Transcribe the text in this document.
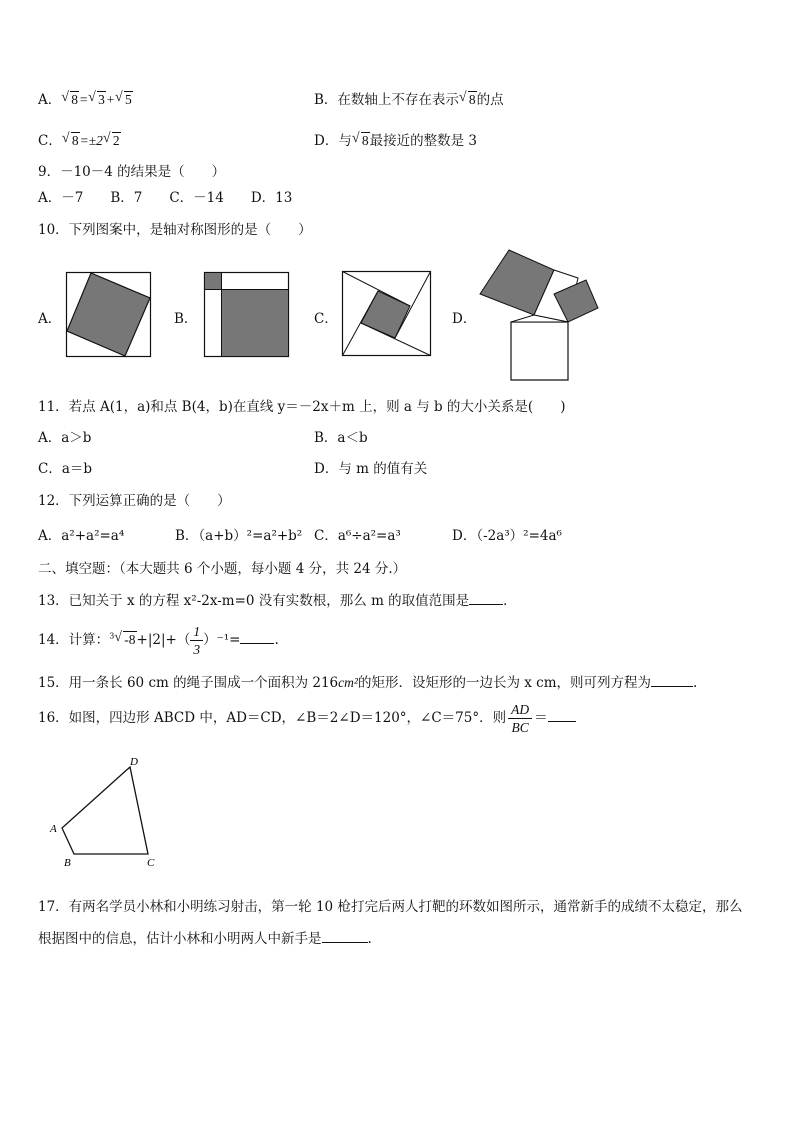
A． √ 8= √ 3+ √ 5	B．在数轴上不存在表示 √ 8的点
C． √ 8=±2 √ 2	D．与 √ 8最接近的整数是 3
9．－10－4 的结果是（　　）
A．－7　　B．7　　C．－14　　D．13
10．下列图案中，是轴对称图形的是（　　）
A．	B．	C．	D．
11．若点 A(1，a)和点 B(4，b)在直线 y＝－2x＋m 上，则 a 与 b 的大小关系是(　　)
A．a＞b	B．a＜b
C．a＝b	D．与 m 的值有关
12．下列运算正确的是（　　）
A．a²+a²=a⁴	B．（a+b）²=a²+b² C．a⁶÷a²=a³	D．（-2a³）²=4a⁶
二、填空题：（本大题共 6 个小题，每小题 4 分，共 24 分.）
13．已知关于 x 的方程 x²-2x-m=0 没有实数根，那么 m 的取值范围是	．
14．计算：$^3$ √ $-8+|2|+( \frac{1}{3} )^{-1}=$	.
15．用一条长 60 cm 的绳子围成一个面积为 216cm²的矩形．设矩形的一边长为 x cm，则可列方程为	.
16．如图，四边形 ABCD 中，AD＝CD，∠B＝2∠D＝120°，∠C＝75°．则 $\frac{AD}{BC}$ ＝
A
B	C
D
17．有两名学员小林和小明练习射击，第一轮 10 枪打完后两人打靶的环数如图所示，通常新手的成绩不太稳定，那么
根据图中的信息，估计小林和小明两人中新手是	.
